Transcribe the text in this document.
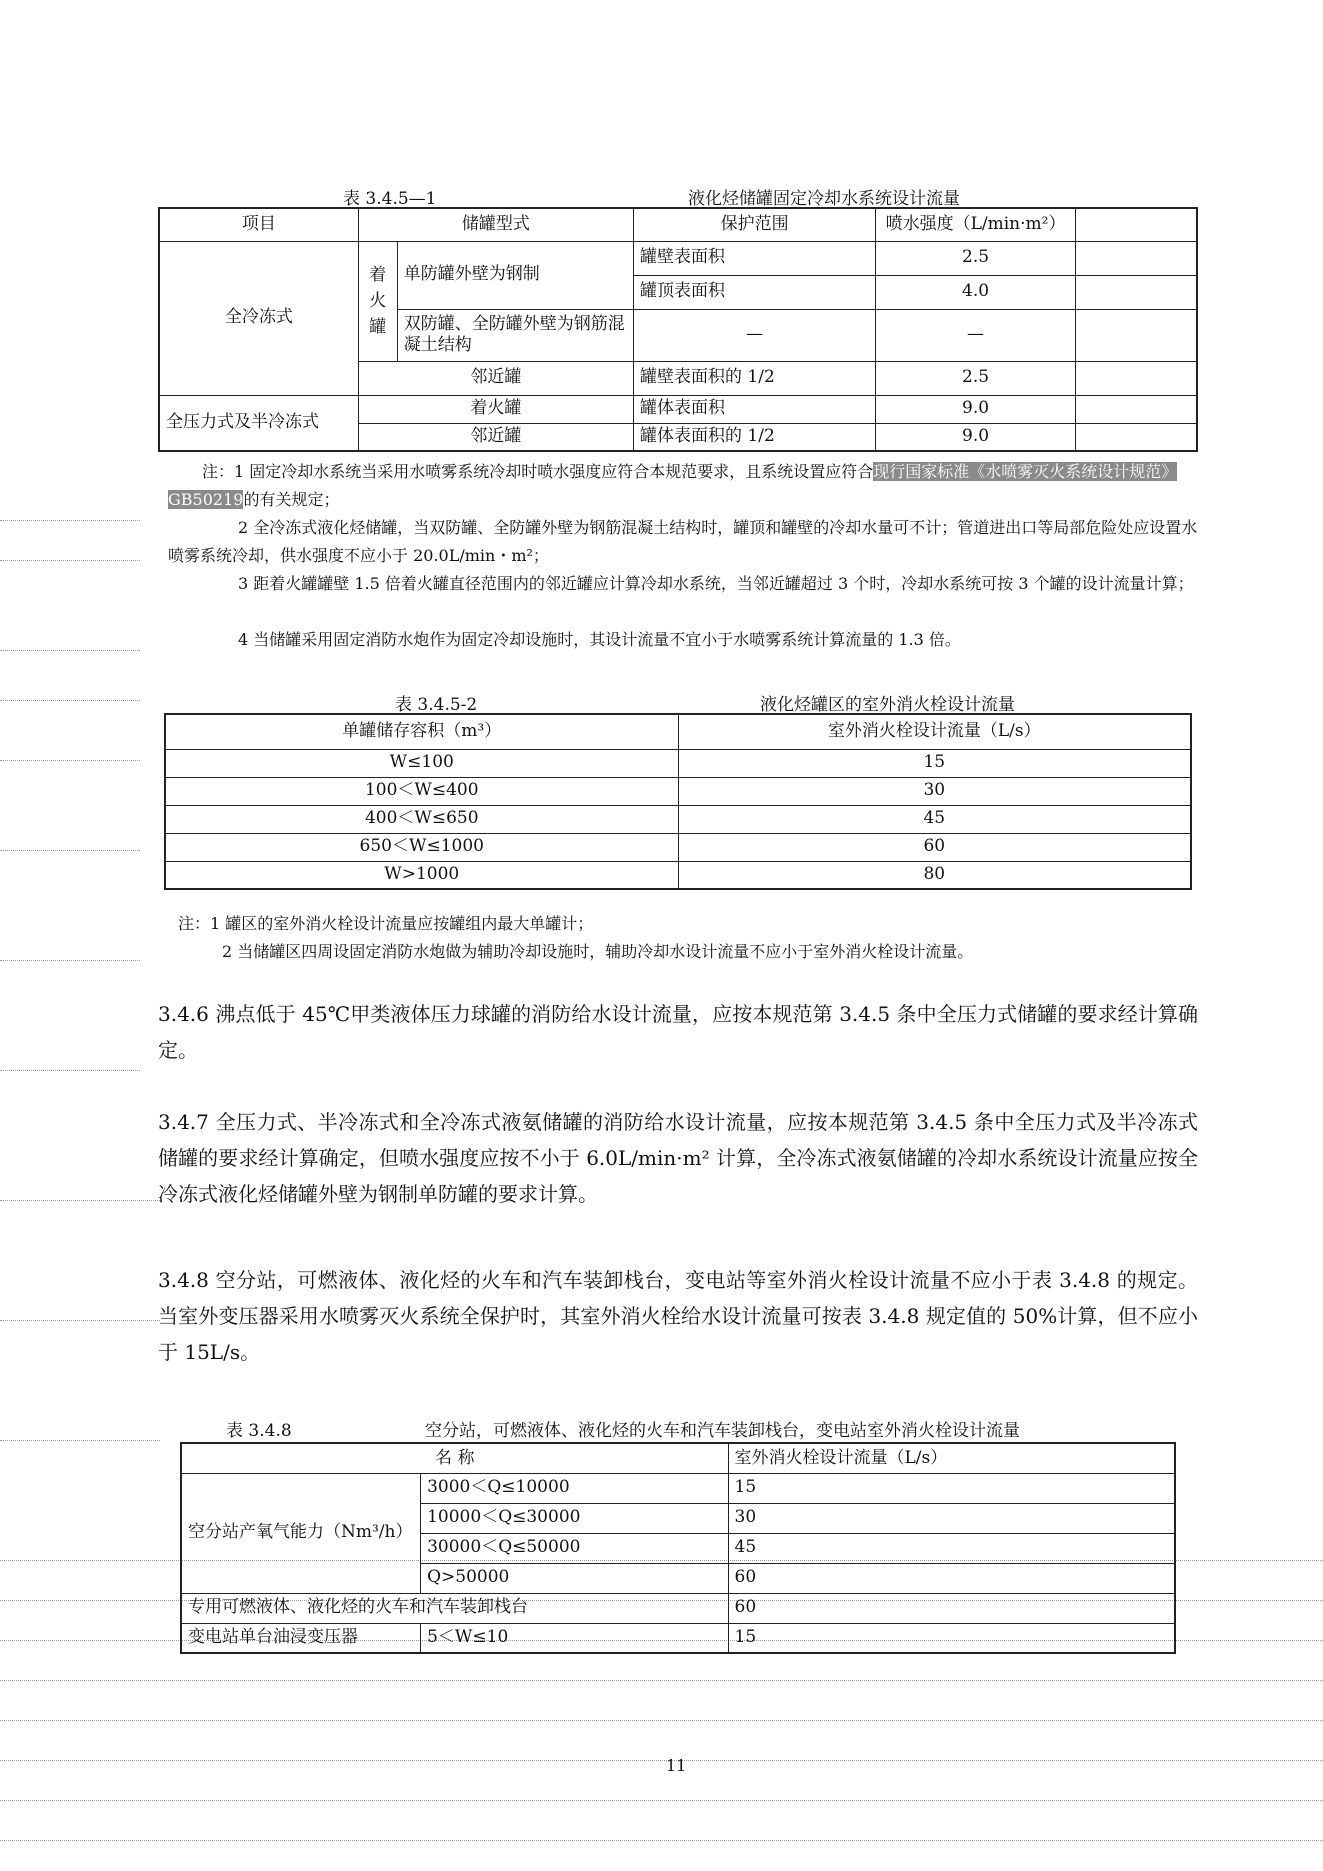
表 3.4.5—1	液化烃储罐固定冷却水系统设计流量
项目	储罐型式		保护范围	喷水强度（L/min·m²）	
全冷冻式	着火罐	单防罐外壁为钢制	罐壁表面积	2.5	
			罐顶表面积	4.0	
		双防罐、全防罐外壁为钢筋混凝土结构	—	—	
	邻近罐		罐壁表面积的 1/2	2.5	
全压力式及半冷冻式	着火罐		罐体表面积	9.0	
	邻近罐		罐体表面积的 1/2	9.0	
注：1 固定冷却水系统当采用水喷雾系统冷却时喷水强度应符合本规范要求，且系统设置应符合现行国家标准《水喷雾灭火系统设计规范》GB50219的有关规定；
2 全冷冻式液化烃储罐，当双防罐、全防罐外壁为钢筋混凝土结构时，罐顶和罐壁的冷却水量可不计；管道进出口等局部危险处应设置水喷雾系统冷却，供水强度不应小于 20.0L/min・m²；
3 距着火罐罐壁 1.5 倍着火罐直径范围内的邻近罐应计算冷却水系统，当邻近罐超过 3 个时，冷却水系统可按 3 个罐的设计流量计算；
4 当储罐采用固定消防水炮作为固定冷却设施时，其设计流量不宜小于水喷雾系统计算流量的 1.3 倍。
表 3.4.5-2	液化烃罐区的室外消火栓设计流量
单罐储存容积（m³）	室外消火栓设计流量（L/s）
W≤100	15
100＜W≤400	30
400＜W≤650	45
650＜W≤1000	60
W>1000	80
注：1 罐区的室外消火栓设计流量应按罐组内最大单罐计；
2 当储罐区四周设固定消防水炮做为辅助冷却设施时，辅助冷却水设计流量不应小于室外消火栓设计流量。
3.4.6 沸点低于 45℃甲类液体压力球罐的消防给水设计流量，应按本规范第 3.4.5 条中全压力式储罐的要求经计算确定。
3.4.7 全压力式、半冷冻式和全冷冻式液氨储罐的消防给水设计流量，应按本规范第 3.4.5 条中全压力式及半冷冻式储罐的要求经计算确定，但喷水强度应按不小于 6.0L/min·m² 计算，全冷冻式液氨储罐的冷却水系统设计流量应按全冷冻式液化烃储罐外壁为钢制单防罐的要求计算。
3.4.8 空分站，可燃液体、液化烃的火车和汽车装卸栈台，变电站等室外消火栓设计流量不应小于表 3.4.8 的规定。当室外变压器采用水喷雾灭火系统全保护时，其室外消火栓给水设计流量可按表 3.4.8 规定值的 50%计算，但不应小于 15L/s。
表 3.4.8	空分站，可燃液体、液化烃的火车和汽车装卸栈台，变电站室外消火栓设计流量
名 称		室外消火栓设计流量（L/s）
空分站产氧气能力（Nm³/h）	3000＜Q≤10000	15
	10000＜Q≤30000	30
	30000＜Q≤50000	45
	Q>50000	60
专用可燃液体、液化烃的火车和汽车装卸栈台		60
变电站单台油浸变压器	5＜W≤10	15
11
